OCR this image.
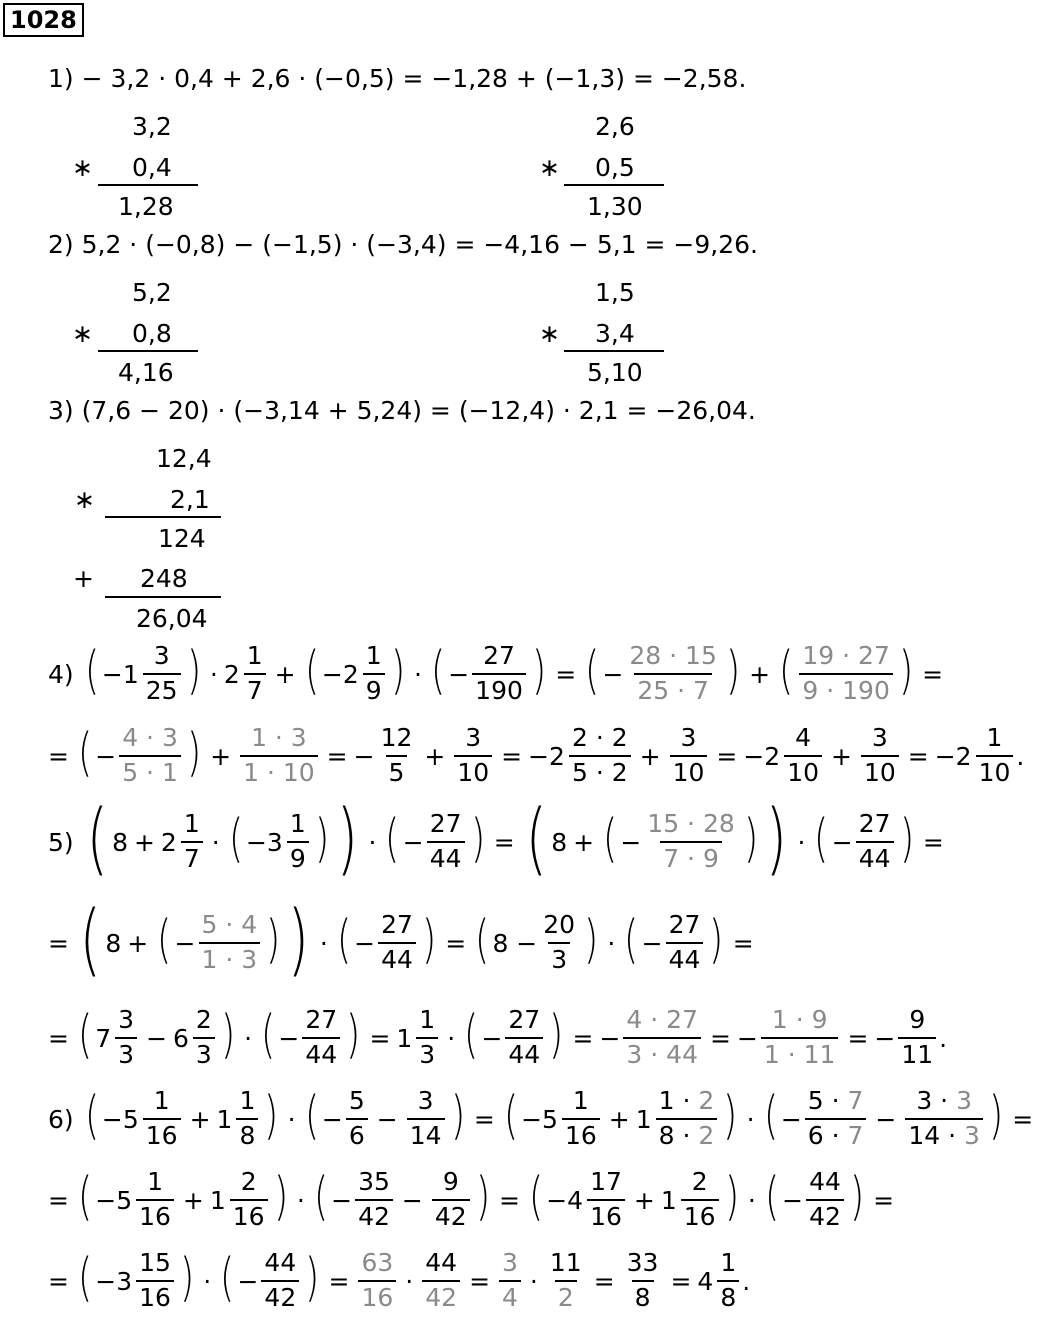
1028
1) − 3,2 · 0,4 + 2,6 · (−0,5) = −1,28 + (−1,3) = −2,58.
3,2
∗ 0,4
1,28
2,6
∗ 0,5
1,30
2) 5,2 · (−0,8) − (−1,5) · (−3,4) = −4,16 − 5,1 = −9,26.
5,2
∗ 0,8
4,16
1,5
∗ 3,4
5,10
3) (7,6 − 20) · (−3,14 + 5,24) = (−12,4) · 2,1 = −26,04.
12,4
∗	2,1
124
+ 248
26,04
4)
( $-1 \frac{3}{25}$ ) · $2 \frac{1}{7}$ + ( $-2 \frac{1}{9}$ ) · ( − $\frac{27}{190}$ ) = ( − $\frac{28 \cdot 15}{25 \cdot 7}$ ) + ( $\frac{19 \cdot 27}{9 \cdot 190}$ ) =
= ( − $\frac{4 \cdot 3}{5 \cdot 1}$ ) + $\frac{1 \cdot 3}{1 \cdot 10}$ = − $\frac{12}{5} + \frac{3}{10} = -2 \frac{2 \cdot 2}{5 \cdot 2} + \frac{3}{10} = -2 \frac{4}{10} + \frac{3}{10} = -2 \frac{1}{10}$ .
5)
( $8 + 2 \frac{1}{7}$ · ( $-3 \frac{1}{9}$ ) ) · ( − $\frac{27}{44}$ ) = ( 8 + ( − $\frac{15 \cdot 28}{7 \cdot 9}$ ) ) · ( − $\frac{27}{44}$ ) =
= ( 8 + ( − $\frac{5 \cdot 4}{1 \cdot 3}$ ) ) · ( − $\frac{27}{44}$ ) = ( $8 - \frac{20}{3}$ ) · ( − $\frac{27}{44}$ ) =
= ( $7 \frac{3}{3} - 6 \frac{2}{3}$ ) · ( − $\frac{27}{44}$ ) = $1 \frac{1}{3}$ · ( − $\frac{27}{44}$ ) = − $\frac{4 \cdot 27}{3 \cdot 44}$ = − $\frac{1 \cdot 9}{1 \cdot 11}$ = − $\frac{9}{11}$ .
6)
( $-5 \frac{1}{16} + 1 \frac{1}{8}$ ) · ( − $\frac{5}{6} - \frac{3}{14}$ ) = ( $-5 \frac{1}{16} + 1 \frac{1 \cdot 2}{8 \cdot 2}$ ) · ( − $\frac{5 \cdot 7}{6 \cdot 7} - \frac{3 \cdot 3}{14 \cdot 3}$ ) =
= ( $-5 \frac{1}{16} + 1 \frac{2}{16}$ ) · ( − $\frac{35}{42} - \frac{9}{42}$ ) = ( $-4 \frac{17}{16} + 1 \frac{2}{16}$ ) · ( − $\frac{44}{42}$ ) =
= ( $-3 \frac{15}{16}$ ) · ( − $\frac{44}{42}$ ) = $\frac{63}{16} \cdot \frac{44}{42} = \frac{3}{4} \cdot \frac{11}{2} = \frac{33}{8} = 4 \frac{1}{8}$ .
